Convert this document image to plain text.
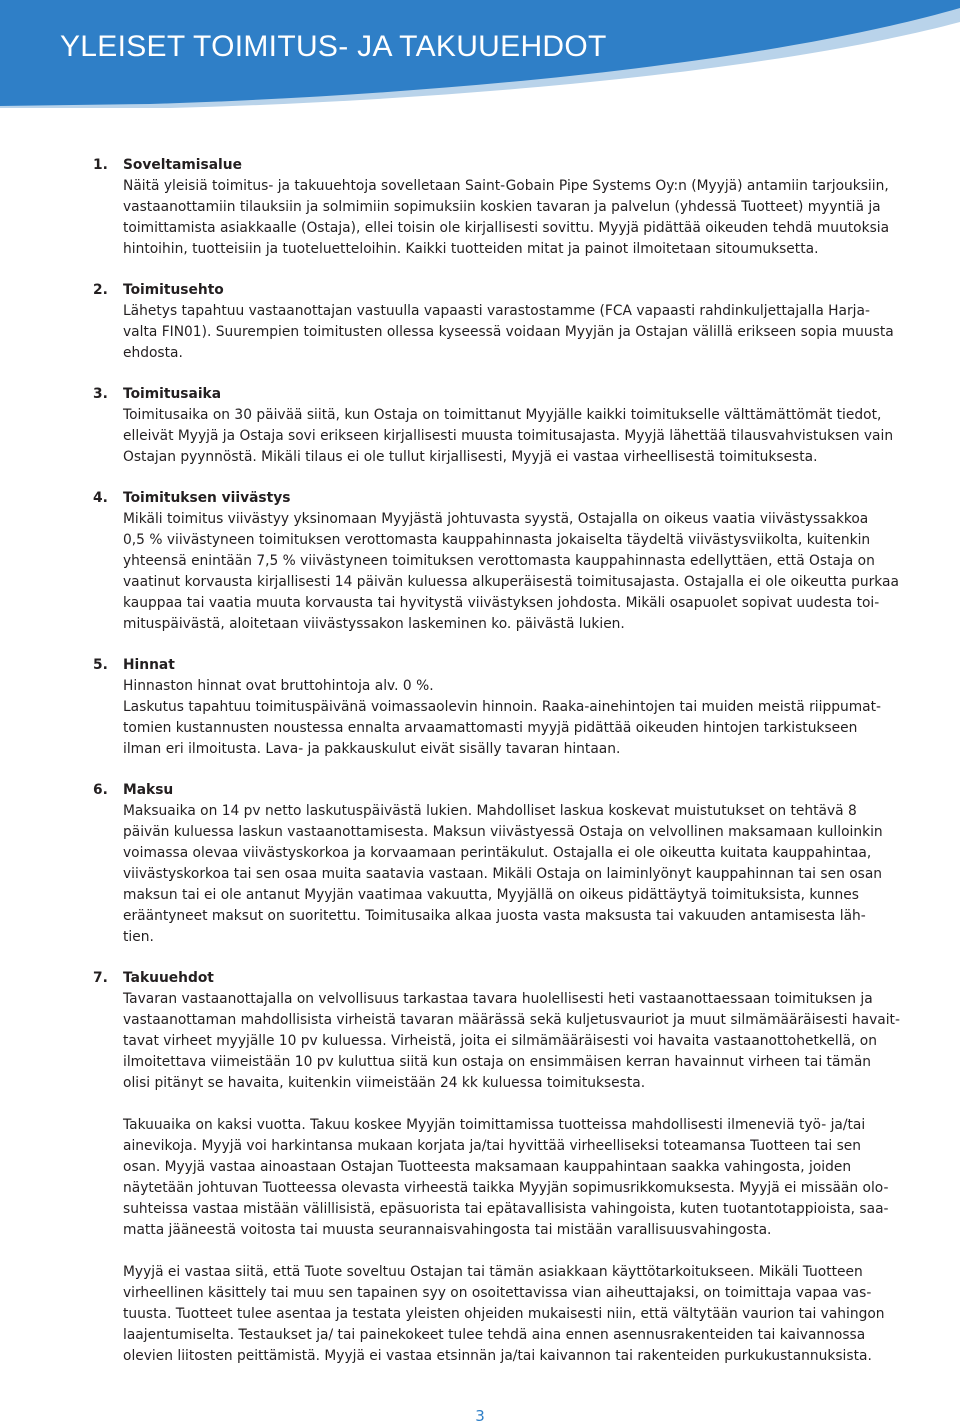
YLEISET TOIMITUS- JA TAKUUEHDOT
1. Soveltamisalue

Näitä yleisiä toimitus- ja takuuehtoja sovelletaan Saint-Gobain Pipe Systems Oy:n (Myyjä) antamiin tarjouksiin,
vastaanottamiin tilauksiin ja solmimiin sopimuksiin koskien tavaran ja palvelun (yhdessä Tuotteet) myyntiä ja
toimittamista asiakkaalle (Ostaja), ellei toisin ole kirjallisesti sovittu. Myyjä pidättää oikeuden tehdä muutoksia
hintoihin, tuotteisiin ja tuoteluetteloihin. Kaikki tuotteiden mitat ja painot ilmoitetaan sitoumuksetta.

2. Toimitusehto

Lähetys tapahtuu vastaanottajan vastuulla vapaasti varastostamme (FCA vapaasti rahdinkuljettajalla Harja-
valta FIN01). Suurempien toimitusten ollessa kyseessä voidaan Myyjän ja Ostajan välillä erikseen sopia muusta
ehdosta.

3. Toimitusaika

Toimitusaika on 30 päivää siitä, kun Ostaja on toimittanut Myyjälle kaikki toimitukselle välttämättömät tiedot,
elleivät Myyjä ja Ostaja sovi erikseen kirjallisesti muusta toimitusajasta. Myyjä lähettää tilausvahvistuksen vain
Ostajan pyynnöstä. Mikäli tilaus ei ole tullut kirjallisesti, Myyjä ei vastaa virheellisestä toimituksesta.

4. Toimituksen viivästys

Mikäli toimitus viivästyy yksinomaan Myyjästä johtuvasta syystä, Ostajalla on oikeus vaatia viivästyssakkoa
0,5 % viivästyneen toimituksen verottomasta kauppahinnasta jokaiselta täydeltä viivästysviikolta, kuitenkin
yhteensä enintään 7,5 % viivästyneen toimituksen verottomasta kauppahinnasta edellyttäen, että Ostaja on
vaatinut korvausta kirjallisesti 14 päivän kuluessa alkuperäisestä toimitusajasta. Ostajalla ei ole oikeutta purkaa
kauppaa tai vaatia muuta korvausta tai hyvitystä viivästyksen johdosta. Mikäli osapuolet sopivat uudesta toi-
mituspäivästä, aloitetaan viivästyssakon laskeminen ko. päivästä lukien.

5. Hinnat

Hinnaston hinnat ovat bruttohintoja alv. 0 %.
Laskutus tapahtuu toimituspäivänä voimassaolevin hinnoin. Raaka-ainehintojen tai muiden meistä riippumat-
tomien kustannusten noustessa ennalta arvaamattomasti myyjä pidättää oikeuden hintojen tarkistukseen
ilman eri ilmoitusta. Lava- ja pakkauskulut eivät sisälly tavaran hintaan.

6. Maksu

Maksuaika on 14 pv netto laskutuspäivästä lukien. Mahdolliset laskua koskevat muistutukset on tehtävä 8
päivän kuluessa laskun vastaanottamisesta. Maksun viivästyessä Ostaja on velvollinen maksamaan kulloinkin
voimassa olevaa viivästyskorkoa ja korvaamaan perintäkulut. Ostajalla ei ole oikeutta kuitata kauppahintaa,
viivästyskorkoa tai sen osaa muita saatavia vastaan. Mikäli Ostaja on laiminlyönyt kauppahinnan tai sen osan
maksun tai ei ole antanut Myyjän vaatimaa vakuutta, Myyjällä on oikeus pidättäytyä toimituksista, kunnes
erääntyneet maksut on suoritettu. Toimitusaika alkaa juosta vasta maksusta tai vakuuden antamisesta läh-
tien.

7. Takuuehdot

Tavaran vastaanottajalla on velvollisuus tarkastaa tavara huolellisesti heti vastaanottaessaan toimituksen ja
vastaanottaman mahdollisista virheistä tavaran määrässä sekä kuljetusvauriot ja muut silmämääräisesti havait-
tavat virheet myyjälle 10 pv kuluessa. Virheistä, joita ei silmämääräisesti voi havaita vastaanottohetkellä, on
ilmoitettava viimeistään 10 pv kuluttua siitä kun ostaja on ensimmäisen kerran havainnut virheen tai tämän
olisi pitänyt se havaita, kuitenkin viimeistään 24 kk kuluessa toimituksesta.

Takuuaika on kaksi vuotta. Takuu koskee Myyjän toimittamissa tuotteissa mahdollisesti ilmeneviä työ- ja/tai
ainevikoja. Myyjä voi harkintansa mukaan korjata ja/tai hyvittää virheelliseksi toteamansa Tuotteen tai sen
osan. Myyjä vastaa ainoastaan Ostajan Tuotteesta maksamaan kauppahintaan saakka vahingosta, joiden
näytetään johtuvan Tuotteessa olevasta virheestä taikka Myyjän sopimusrikkomuksesta. Myyjä ei missään olo-
suhteissa vastaa mistään välillisistä, epäsuorista tai epätavallisista vahingoista, kuten tuotantotappioista, saa-
matta jääneestä voitosta tai muusta seurannaisvahingosta tai mistään varallisuusvahingosta.

Myyjä ei vastaa siitä, että Tuote soveltuu Ostajan tai tämän asiakkaan käyttötarkoitukseen. Mikäli Tuotteen
virheellinen käsittely tai muu sen tapainen syy on osoitettavissa vian aiheuttajaksi, on toimittaja vapaa vas-
tuusta. Tuotteet tulee asentaa ja testata yleisten ohjeiden mukaisesti niin, että vältytään vaurion tai vahingon
laajentumiselta. Testaukset ja/ tai painekokeet tulee tehdä aina ennen asennusrakenteiden tai kaivannossa
olevien liitosten peittämistä. Myyjä ei vastaa etsinnän ja/tai kaivannon tai rakenteiden purkukustannuksista.

3
